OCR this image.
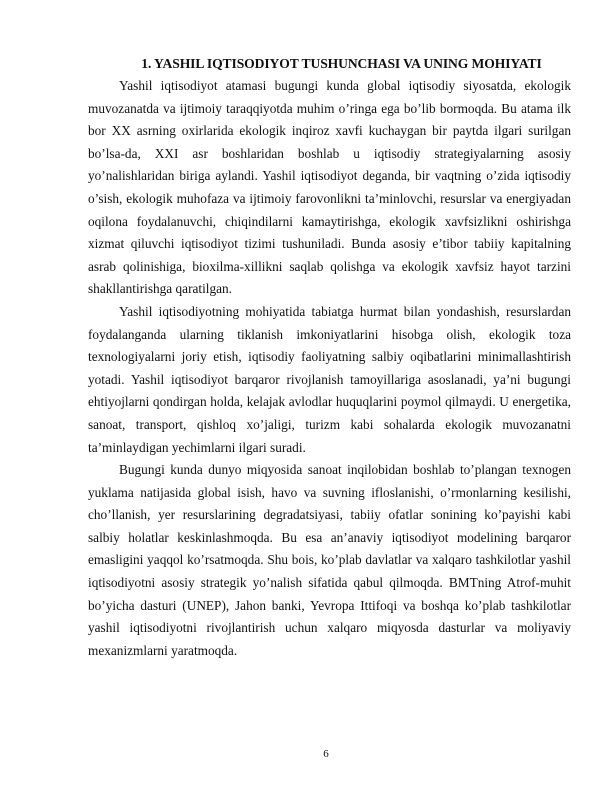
1. YASHIL IQTISODIYOT TUSHUNCHASI VA UNING MOHIYATI

Yashil iqtisodiyot atamasi bugungi kunda global iqtisodiy siyosatda, ekologik muvozanatda va ijtimoiy taraqqiyotda muhim o’ringa ega bo’lib bormoqda. Bu atama ilk bor XX asrning oxirlarida ekologik inqiroz xavfi kuchaygan bir paytda ilgari surilgan bo’lsa-da, XXI asr boshlaridan boshlab u iqtisodiy strategiyalarning asosiy yo’nalishlaridan biriga aylandi. Yashil iqtisodiyot deganda, bir vaqtning o’zida iqtisodiy o’sish, ekologik muhofaza va ijtimoiy farovonlikni ta’minlovchi, resurslar va energiyadan oqilona foydalanuvchi, chiqindilarni kamaytirishga, ekologik xavfsizlikni oshirishga xizmat qiluvchi iqtisodiyot tizimi tushuniladi. Bunda asosiy e’tibor tabiiy kapitalning asrab qolinishiga, bioxilma-xillikni saqlab qolishga va ekologik xavfsiz hayot tarzini shakllantirishga qaratilgan.

Yashil iqtisodiyotning mohiyatida tabiatga hurmat bilan yondashish, resurslardan foydalanganda ularning tiklanish imkoniyatlarini hisobga olish, ekologik toza texnologiyalarni joriy etish, iqtisodiy faoliyatning salbiy oqibatlarini minimallashtirish yotadi. Yashil iqtisodiyot barqaror rivojlanish tamoyillariga asoslanadi, ya’ni bugungi ehtiyojlarni qondirgan holda, kelajak avlodlar huquqlarini poymol qilmaydi. U energetika, sanoat, transport, qishloq xo’jaligi, turizm kabi sohalarda ekologik muvozanatni ta’minlaydigan yechimlarni ilgari suradi.

Bugungi kunda dunyo miqyosida sanoat inqilobidan boshlab to’plangan texnogen yuklama natijasida global isish, havo va suvning ifloslanishi, o’rmonlarning kesilishi, cho’llanish, yer resurslarining degradatsiyasi, tabiiy ofatlar sonining ko’payishi kabi salbiy holatlar keskinlashmoqda. Bu esa an’anaviy iqtisodiyot modelining barqaror emasligini yaqqol ko’rsatmoqda. Shu bois, ko’plab davlatlar va xalqaro tashkilotlar yashil iqtisodiyotni asosiy strategik yo’nalish sifatida qabul qilmoqda. BMTning Atrof-muhit bo’yicha dasturi (UNEP), Jahon banki, Yevropa Ittifoqi va boshqa ko’plab tashkilotlar yashil iqtisodiyotni rivojlantirish uchun xalqaro miqyosda dasturlar va moliyaviy mexanizmlarni yaratmoqda.

6
